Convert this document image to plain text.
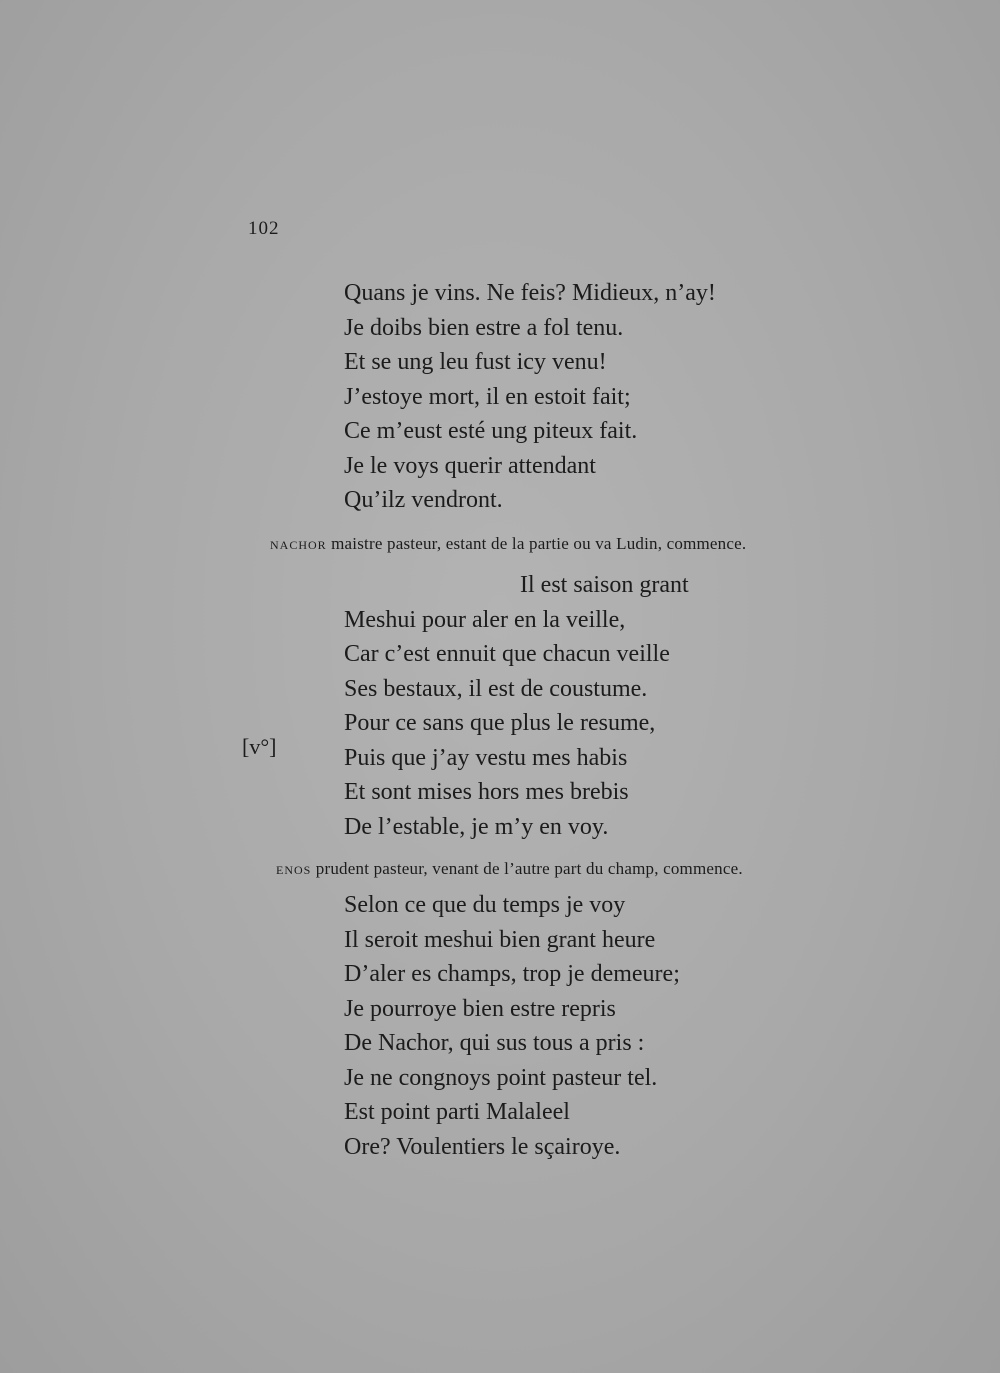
102
Quans je vins. Ne feis? Midieux, n’ay!
Je doibs bien estre a fol tenu.
Et se ung leu fust icy venu!
J’estoye mort, il en estoit fait;
Ce m’eust esté ung piteux fait.
Je le voys querir attendant
Qu’ilz vendront.
NACHOR maistre pasteur, estant de la partie ou va Ludin, commence.
Il est saison grant
Meshui pour aler en la veille,
Car c’est ennuit que chacun veille
Ses bestaux, il est de coustume.
Pour ce sans que plus le resume,
Puis que j’ay vestu mes habis
Et sont mises hors mes brebis
De l’estable, je m’y en voy.
[v°]
ENOS prudent pasteur, venant de l’autre part du champ, commence.
Selon ce que du temps je voy
Il seroit meshui bien grant heure
D’aler es champs, trop je demeure;
Je pourroye bien estre repris
De Nachor, qui sus tous a pris :
Je ne congnoys point pasteur tel.
Est point parti Malaleel
Ore? Voulentiers le sçairoye.
